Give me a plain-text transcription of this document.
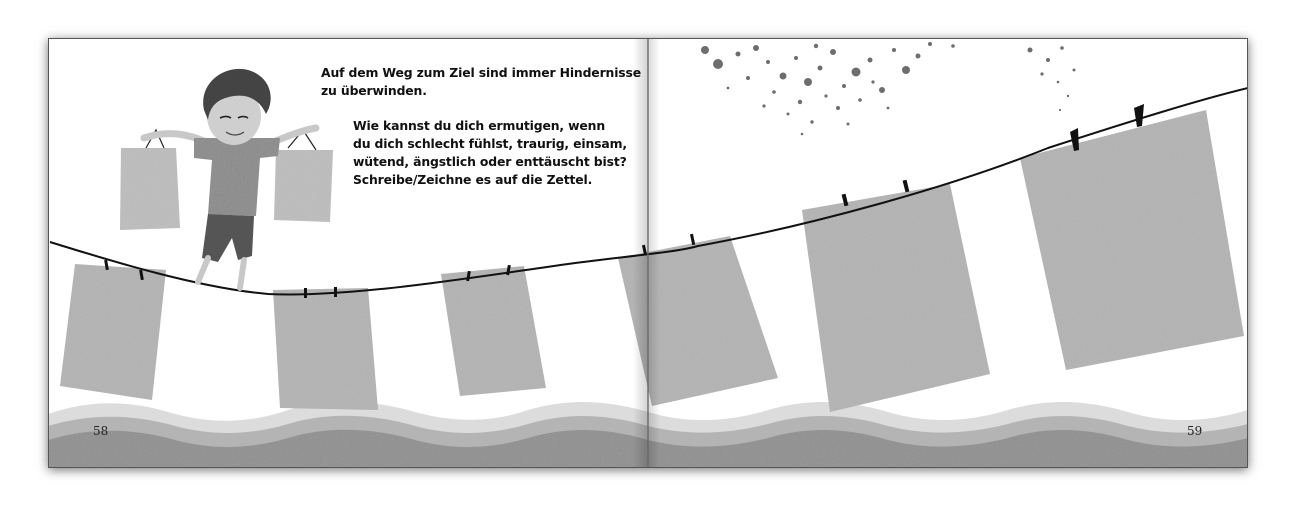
Auf dem Weg zum Ziel sind immer Hindernisse
zu überwinden.

Wie kannst du dich ermutigen, wenn
du dich schlecht fühlst, traurig, einsam,
wütend, ängstlich oder enttäuscht bist?
Schreibe/Zeichne es auf die Zettel.

58	59
